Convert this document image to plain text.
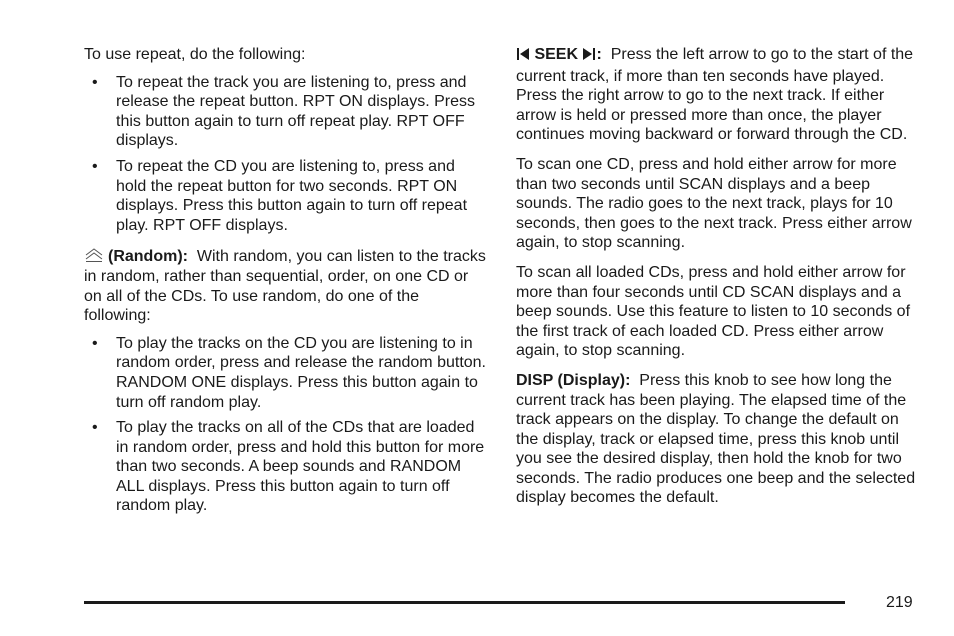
To use repeat, do the following:

• To repeat the track you are listening to, press and release the repeat button. RPT ON displays. Press this button again to turn off repeat play. RPT OFF displays.
• To repeat the CD you are listening to, press and hold the repeat button for two seconds. RPT ON displays. Press this button again to turn off repeat play. RPT OFF displays.

(Random): With random, you can listen to the tracks in random, rather than sequential, order, on one CD or on all of the CDs. To use random, do one of the following:

• To play the tracks on the CD you are listening to in random order, press and release the random button. RANDOM ONE displays. Press this button again to turn off random play.
• To play the tracks on all of the CDs that are loaded in random order, press and hold this button for more than two seconds. A beep sounds and RANDOM ALL displays. Press this button again to turn off random play.

SEEK : Press the left arrow to go to the start of the current track, if more than ten seconds have played. Press the right arrow to go to the next track. If either arrow is held or pressed more than once, the player continues moving backward or forward through the CD.

To scan one CD, press and hold either arrow for more than two seconds until SCAN displays and a beep sounds. The radio goes to the next track, plays for 10 seconds, then goes to the next track. Press either arrow again, to stop scanning.

To scan all loaded CDs, press and hold either arrow for more than four seconds until CD SCAN displays and a beep sounds. Use this feature to listen to 10 seconds of the first track of each loaded CD. Press either arrow again, to stop scanning.

DISP (Display): Press this knob to see how long the current track has been playing. The elapsed time of the track appears on the display. To change the default on the display, track or elapsed time, press this knob until you see the desired display, then hold the knob for two seconds. The radio produces one beep and the selected display becomes the default.

219
